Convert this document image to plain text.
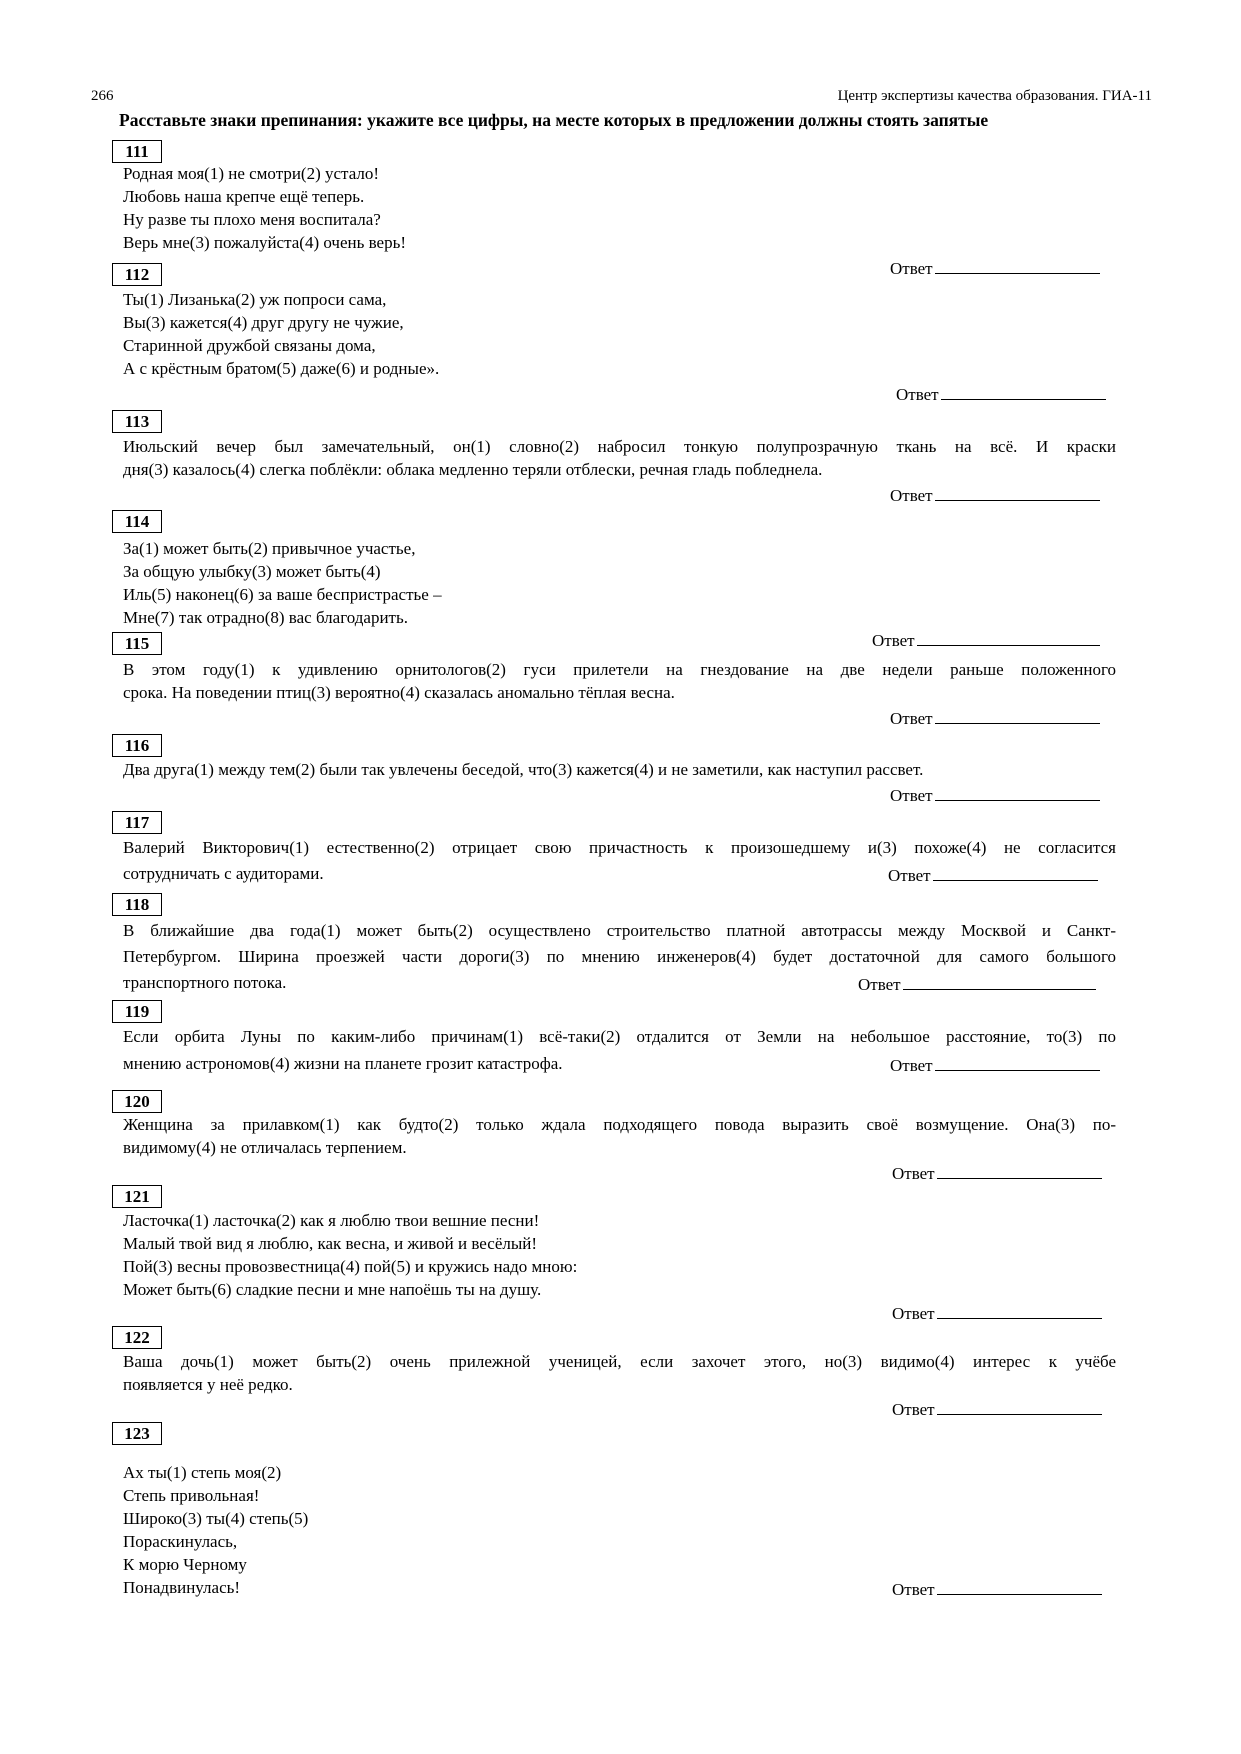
266	Центр экспертизы качества образования. ГИА-11
Расставьте знаки препинания: укажите все цифры, на месте которых в предложении должны стоять запятые
111
Родная моя(1) не смотри(2) устало!
Любовь наша крепче ещё теперь.
Ну разве ты плохо меня воспитала?
Верь мне(3) пожалуйста(4) очень верь!
Ответ
112
Ты(1) Лизанька(2) уж попроси сама,
Вы(3) кажется(4) друг другу не чужие,
Старинной дружбой связаны дома,
А с крёстным братом(5) даже(6) и родные».
Ответ
113
Июльский вечер был замечательный, он(1) словно(2) набросил тонкую полупрозрачную ткань на всё. И краски
дня(3) казалось(4) слегка поблёкли: облака медленно теряли отблески, речная гладь побледнела.
Ответ
114
За(1) может быть(2) привычное участье,
За общую улыбку(3) может быть(4)
Иль(5) наконец(6) за ваше беспристрастье –
Мне(7) так отрадно(8) вас благодарить.
Ответ
115
В этом году(1) к удивлению орнитологов(2) гуси прилетели на гнездование на две недели раньше положенного
срока. На поведении птиц(3) вероятно(4) сказалась аномально тёплая весна.
Ответ
116
Два друга(1) между тем(2) были так увлечены беседой, что(3) кажется(4) и не заметили, как наступил рассвет.
Ответ
117
Валерий Викторович(1) естественно(2) отрицает свою причастность к произошедшему и(3) похоже(4) не согласится
сотрудничать с аудиторами.	Ответ
118
В ближайшие два года(1) может быть(2) осуществлено строительство платной автотрассы между Москвой и Санкт-
Петербургом. Ширина проезжей части дороги(3) по мнению инженеров(4) будет достаточной для самого большого
транспортного потока.	Ответ
119
Если орбита Луны по каким-либо причинам(1) всё-таки(2) отдалится от Земли на небольшое расстояние, то(3) по
мнению астрономов(4) жизни на планете грозит катастрофа.	Ответ
120
Женщина за прилавком(1) как будто(2) только ждала подходящего повода выразить своё возмущение. Она(3) по-
видимому(4) не отличалась терпением.
Ответ
121
Ласточка(1) ласточка(2) как я люблю твои вешние песни!
Малый твой вид я люблю, как весна, и живой и весёлый!
Пой(3) весны провозвестница(4) пой(5) и кружись надо мною:
Может быть(6) сладкие песни и мне напоёшь ты на душу.
Ответ
122
Ваша дочь(1) может быть(2) очень прилежной ученицей, если захочет этого, но(3) видимо(4) интерес к учёбе
появляется у неё редко.
Ответ
123
Ах ты(1) степь моя(2)
Степь привольная!
Широко(3) ты(4) степь(5)
Пораскинулась,
К морю Черному
Понадвинулась!	Ответ
